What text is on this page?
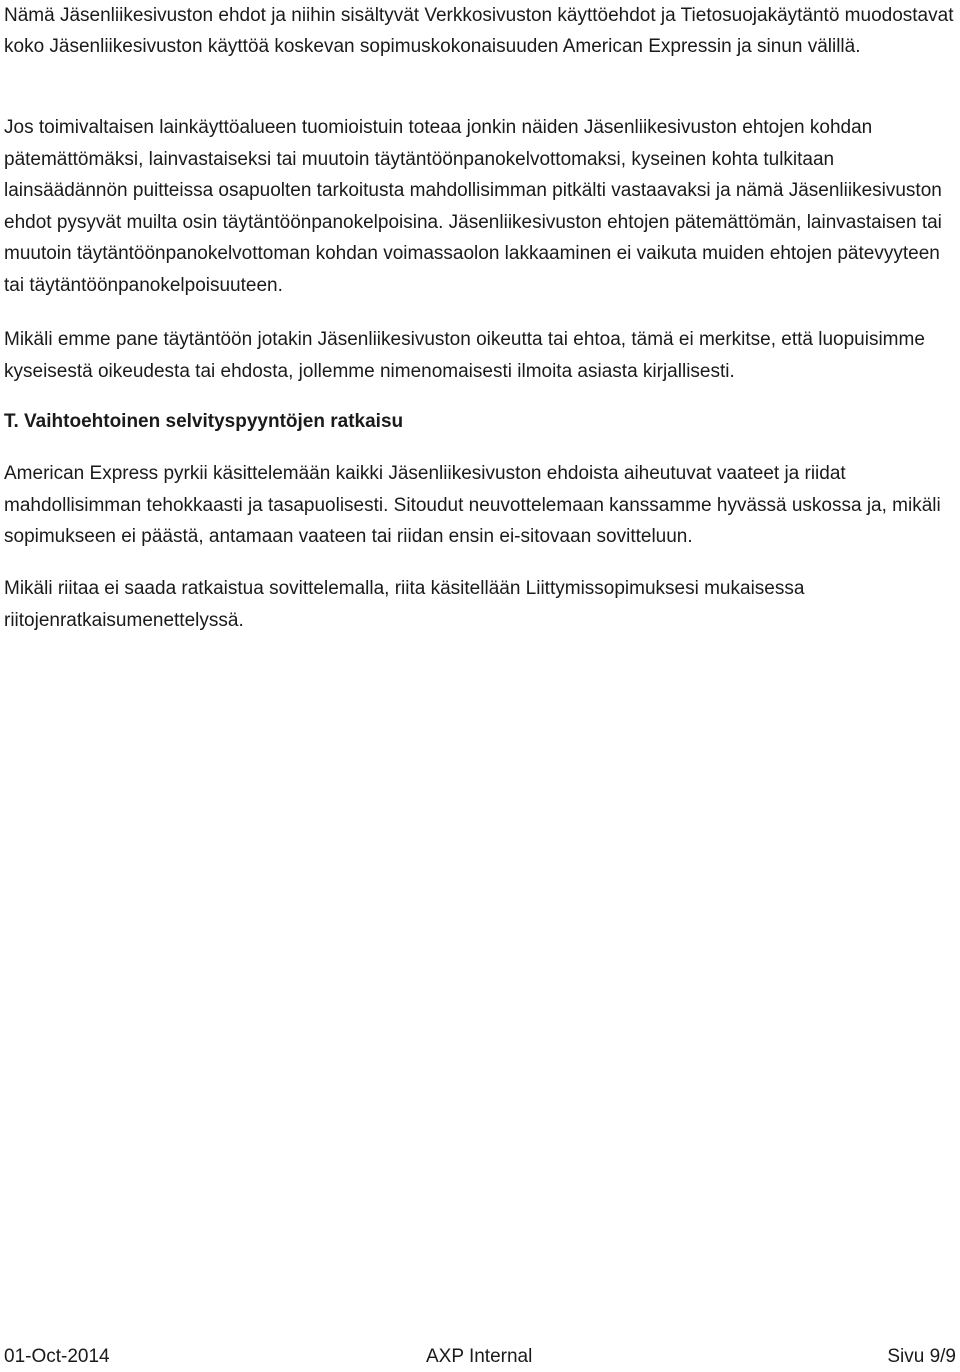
Nämä Jäsenliikesivuston ehdot ja niihin sisältyvät Verkkosivuston käyttöehdot ja Tietosuojakäytäntö muodostavat koko Jäsenliikesivuston käyttöä koskevan sopimuskokonaisuuden American Expressin ja sinun välillä.

Jos toimivaltaisen lainkäyttöalueen tuomioistuin toteaa jonkin näiden Jäsenliikesivuston ehtojen kohdan pätemättömäksi, lainvastaiseksi tai muutoin täytäntöönpanokelvottomaksi, kyseinen kohta tulkitaan lainsäädännön puitteissa osapuolten tarkoitusta mahdollisimman pitkälti vastaavaksi ja nämä Jäsenliikesivuston ehdot pysyvät muilta osin täytäntöönpanokelpoisina. Jäsenliikesivuston ehtojen pätemättömän, lainvastaisen tai muutoin täytäntöönpanokelvottoman kohdan voimassaolon lakkaaminen ei vaikuta muiden ehtojen pätevyyteen tai täytäntöönpanokelpoisuuteen.

Mikäli emme pane täytäntöön jotakin Jäsenliikesivuston oikeutta tai ehtoa, tämä ei merkitse, että luopuisimme kyseisestä oikeudesta tai ehdosta, jollemme nimenomaisesti ilmoita asiasta kirjallisesti.

T. Vaihtoehtoinen selvityspyyntöjen ratkaisu

American Express pyrkii käsittelemään kaikki Jäsenliikesivuston ehdoista aiheutuvat vaateet ja riidat mahdollisimman tehokkaasti ja tasapuolisesti. Sitoudut neuvottelemaan kanssamme hyvässä uskossa ja, mikäli sopimukseen ei päästä, antamaan vaateen tai riidan ensin ei-sitovaan sovitteluun.

Mikäli riitaa ei saada ratkaistua sovittelemalla, riita käsitellään Liittymissopimuksesi mukaisessa riitojenratkaisumenettelyssä.

01-Oct-2014	AXP Internal	Sivu 9/9
